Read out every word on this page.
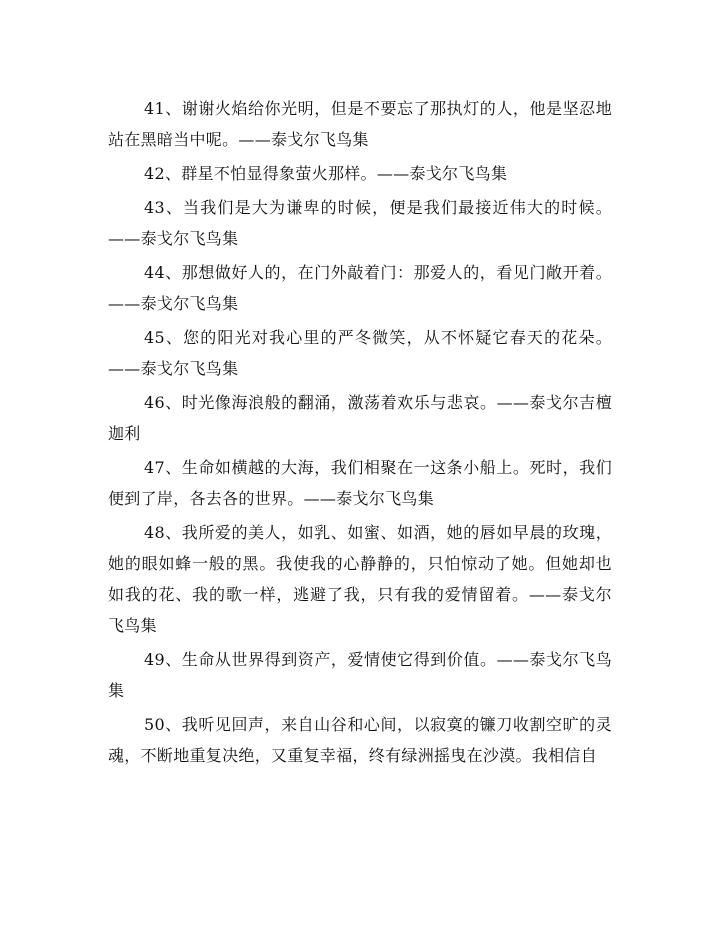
41、谢谢火焰给你光明，但是不要忘了那执灯的人，他是坚忍地站在黑暗当中呢。——泰戈尔飞鸟集

42、群星不怕显得象萤火那样。——泰戈尔飞鸟集

43、当我们是大为谦卑的时候，便是我们最接近伟大的时候。——泰戈尔飞鸟集

44、那想做好人的，在门外敲着门：那爱人的，看见门敞开着。——泰戈尔飞鸟集

45、您的阳光对我心里的严冬微笑，从不怀疑它春天的花朵。——泰戈尔飞鸟集

46、时光像海浪般的翻涌，激荡着欢乐与悲哀。——泰戈尔吉檀迦利

47、生命如横越的大海，我们相聚在一这条小船上。死时，我们便到了岸，各去各的世界。——泰戈尔飞鸟集

48、我所爱的美人，如乳、如蜜、如酒，她的唇如早晨的玫瑰，她的眼如蜂一般的黑。我使我的心静静的，只怕惊动了她。但她却也如我的花、我的歌一样，逃避了我，只有我的爱情留着。——泰戈尔飞鸟集

49、生命从世界得到资产，爱情使它得到价值。——泰戈尔飞鸟集

50、我听见回声，来自山谷和心间，以寂寞的镰刀收割空旷的灵魂，不断地重复决绝，又重复幸福，终有绿洲摇曳在沙漠。我相信自
